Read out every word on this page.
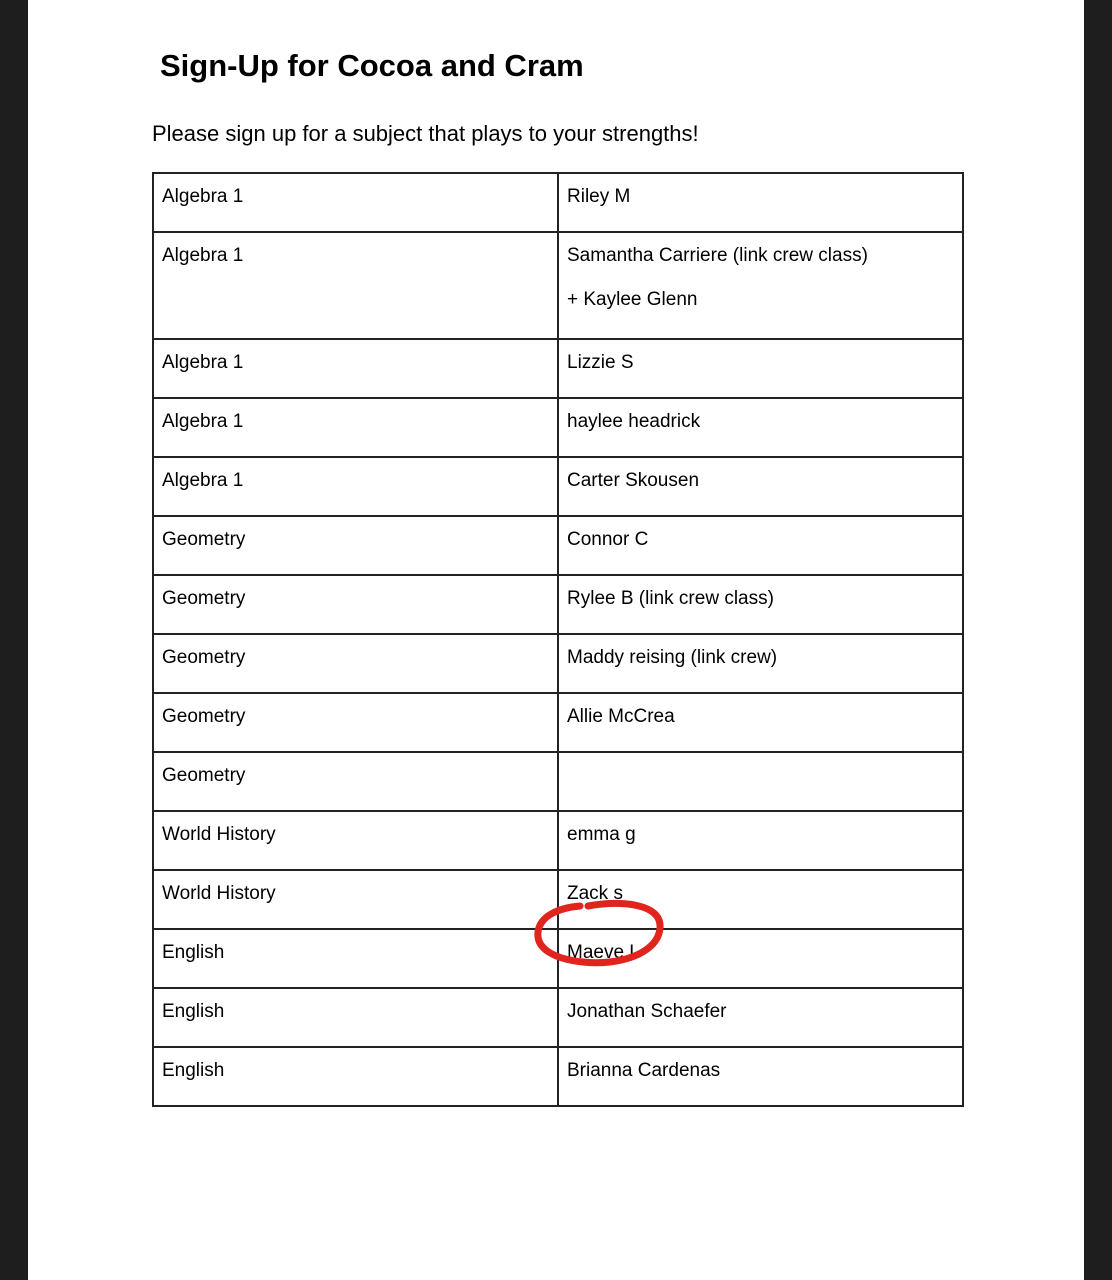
Sign-Up for Cocoa and Cram

Please sign up for a subject that plays to your strengths!

Algebra 1	Riley M

Algebra 1	Samantha Carriere (link crew class)
+ Kaylee Glenn

Algebra 1	Lizzie S

Algebra 1	haylee headrick

Algebra 1	Carter Skousen

Geometry	Connor C

Geometry	Rylee B (link crew class)

Geometry	Maddy reising (link crew)

Geometry	Allie McCrea

Geometry	

World History	emma g

World History	Zack s

English	Maeve L

English	Jonathan Schaefer

English	Brianna Cardenas
